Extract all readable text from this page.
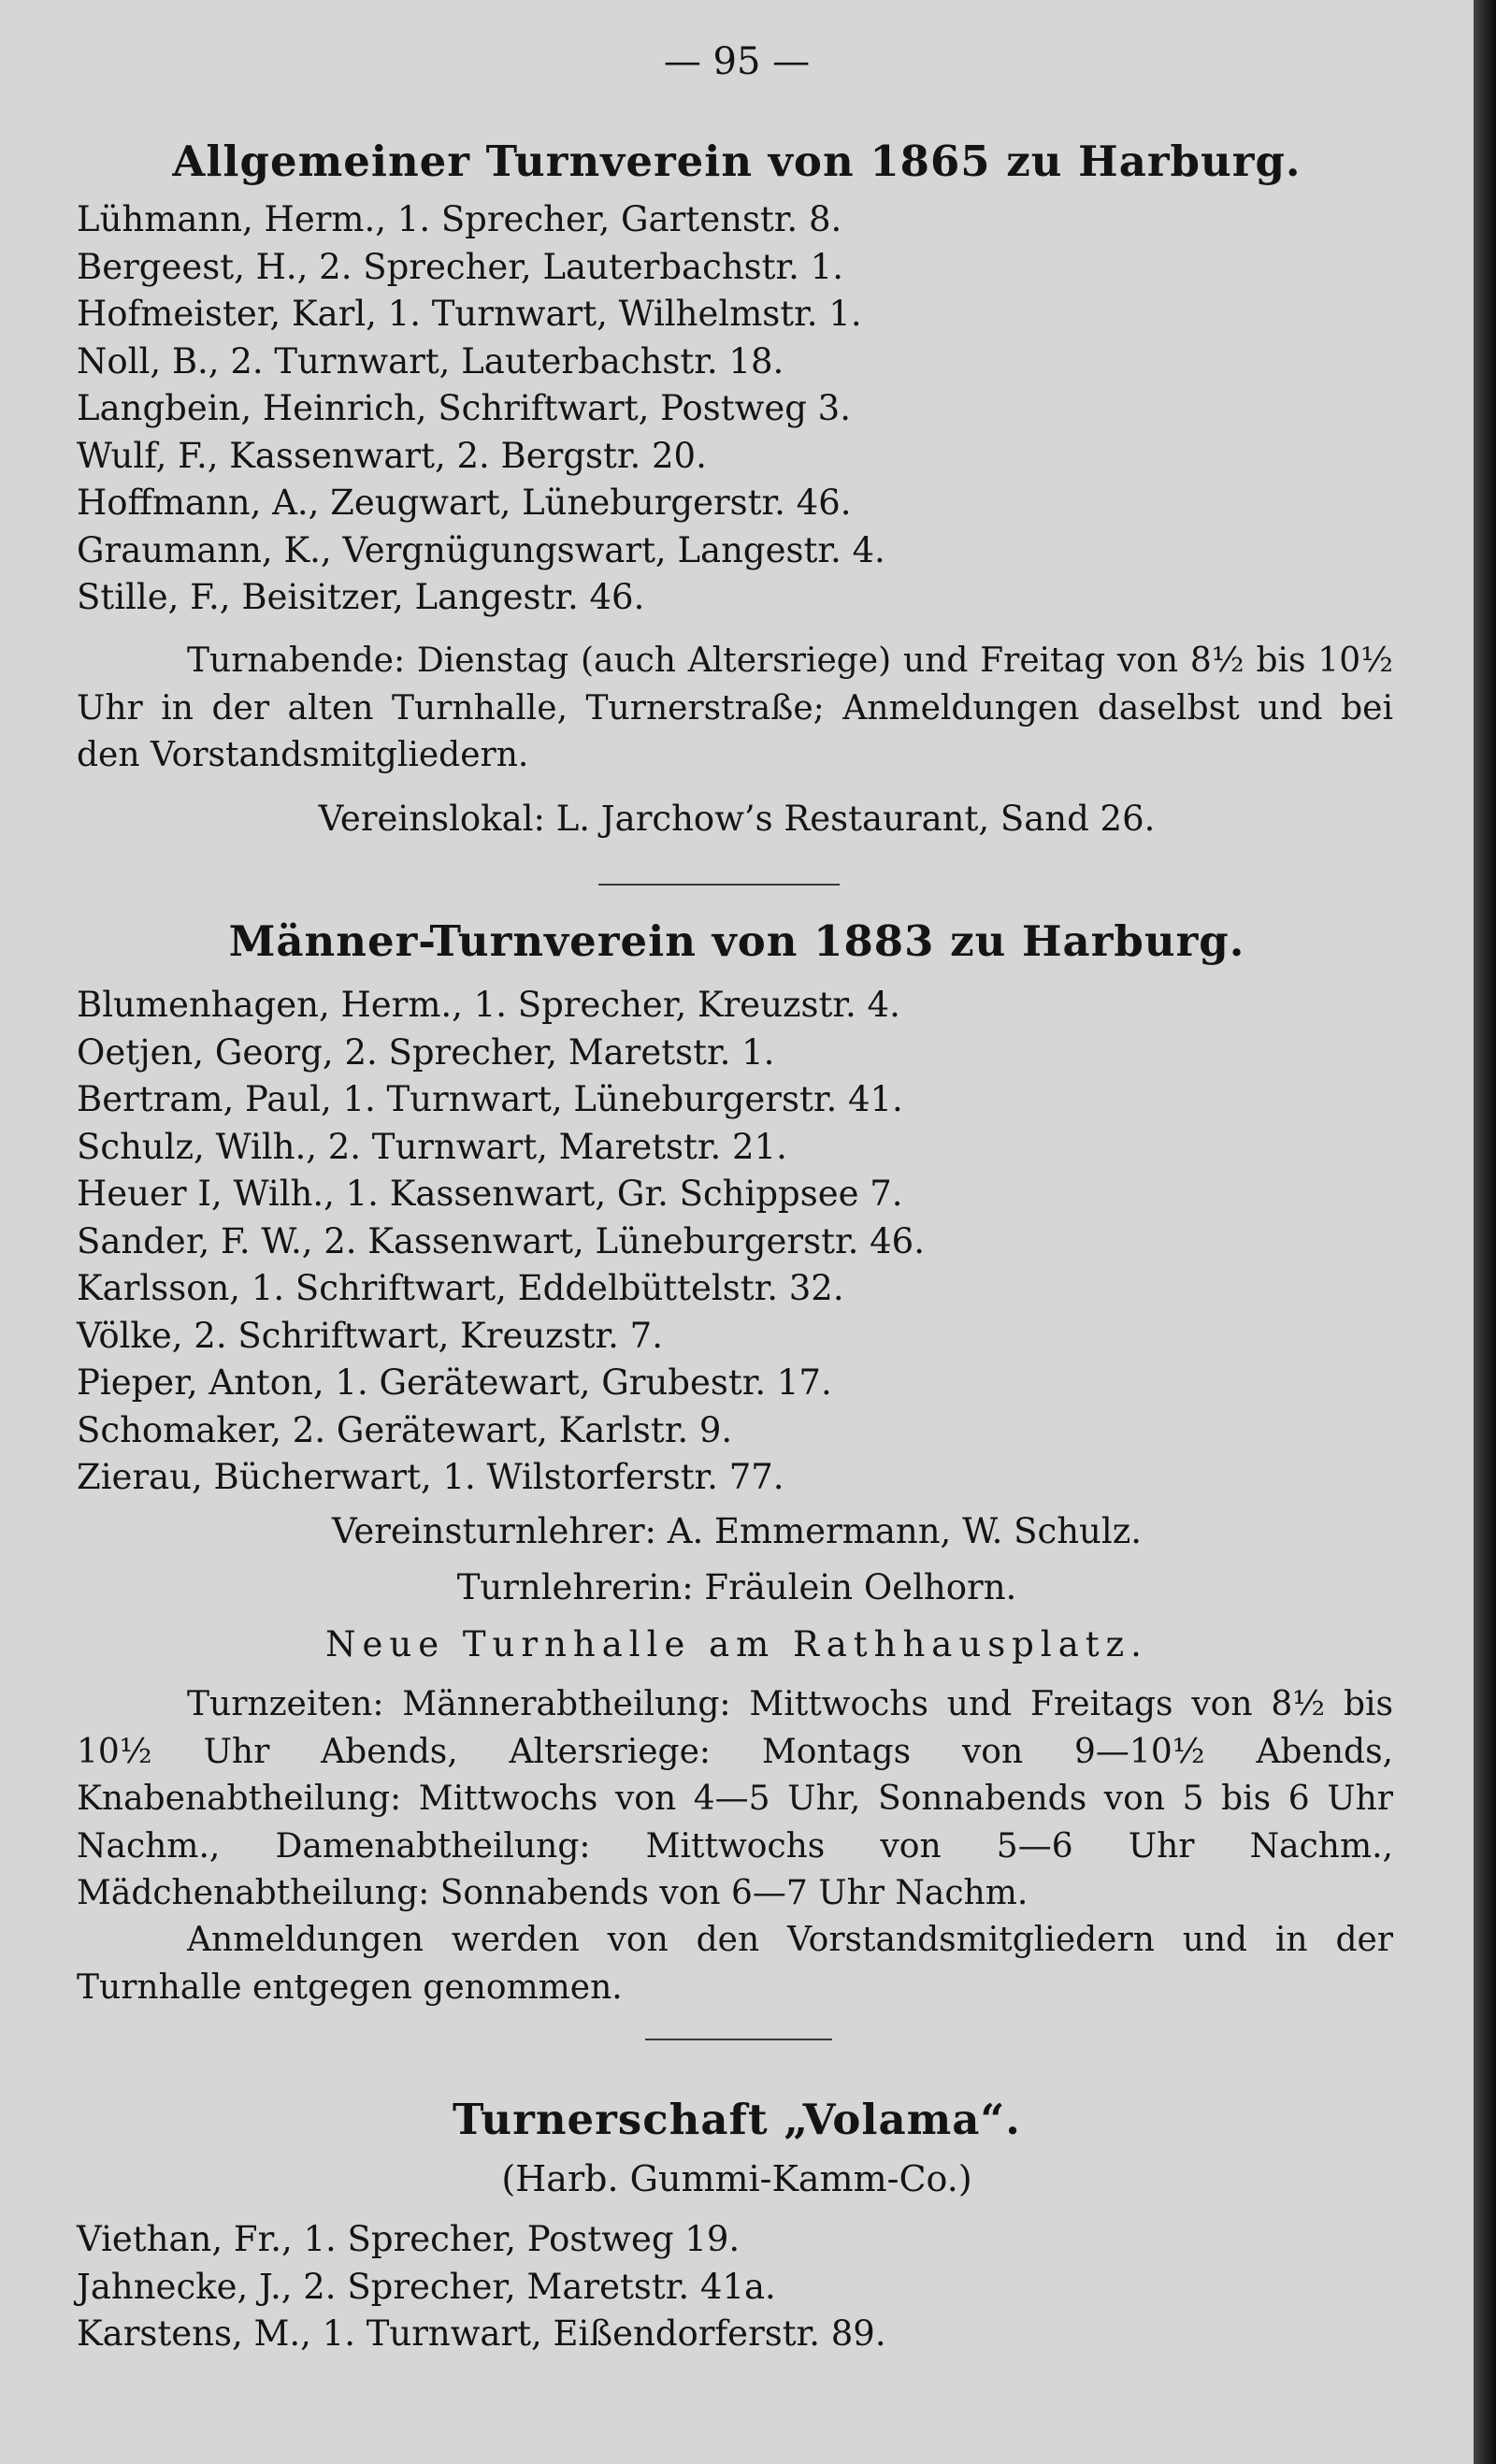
— 95 —

Allgemeiner Turnverein von 1865 zu Harburg.
Lühmann, Herm., 1. Sprecher, Gartenstr. 8.
Bergeest, H., 2. Sprecher, Lauterbachstr. 1.
Hofmeister, Karl, 1. Turnwart, Wilhelmstr. 1.
Noll, B., 2. Turnwart, Lauterbachstr. 18.
Langbein, Heinrich, Schriftwart, Postweg 3.
Wulf, F., Kassenwart, 2. Bergstr. 20.
Hoffmann, A., Zeugwart, Lüneburgerstr. 46.
Graumann, K., Vergnügungswart, Langestr. 4.
Stille, F., Beisitzer, Langestr. 46.

Turnabende: Dienstag (auch Altersriege) und Freitag von 8½ bis 10½ Uhr in der alten Turnhalle, Turnerstraße; Anmeldungen daselbst und bei den Vorstandsmitgliedern.

Vereinslokal: L. Jarchow’s Restaurant, Sand 26.

Männer-Turnverein von 1883 zu Harburg.
Blumenhagen, Herm., 1. Sprecher, Kreuzstr. 4.
Oetjen, Georg, 2. Sprecher, Maretstr. 1.
Bertram, Paul, 1. Turnwart, Lüneburgerstr. 41.
Schulz, Wilh., 2. Turnwart, Maretstr. 21.
Heuer I, Wilh., 1. Kassenwart, Gr. Schippsee 7.
Sander, F. W., 2. Kassenwart, Lüneburgerstr. 46.
Karlsson, 1. Schriftwart, Eddelbüttelstr. 32.
Völke, 2. Schriftwart, Kreuzstr. 7.
Pieper, Anton, 1. Gerätewart, Grubestr. 17.
Schomaker, 2. Gerätewart, Karlstr. 9.
Zierau, Bücherwart, 1. Wilstorferstr. 77.

Vereinsturnlehrer: A. Emmermann, W. Schulz.

Turnlehrerin: Fräulein Oelhorn.

Neue Turnhalle am Rathhausplatz.

Turnzeiten: Männerabtheilung: Mittwochs und Freitags von 8½ bis 10½ Uhr Abends, Altersriege: Montags von 9—10½ Abends, Knabenabtheilung: Mittwochs von 4—5 Uhr, Sonnabends von 5 bis 6 Uhr Nachm., Damenabtheilung: Mittwochs von 5—6 Uhr Nachm., Mädchenabtheilung: Sonnabends von 6—7 Uhr Nachm.

Anmeldungen werden von den Vorstandsmitgliedern und in der Turnhalle entgegen genommen.

Turnerschaft „Volama“.

(Harb. Gummi-Kamm-Co.)

Viethan, Fr., 1. Sprecher, Postweg 19.
Jahnecke, J., 2. Sprecher, Maretstr. 41a.
Karstens, M., 1. Turnwart, Eißendorferstr. 89.
